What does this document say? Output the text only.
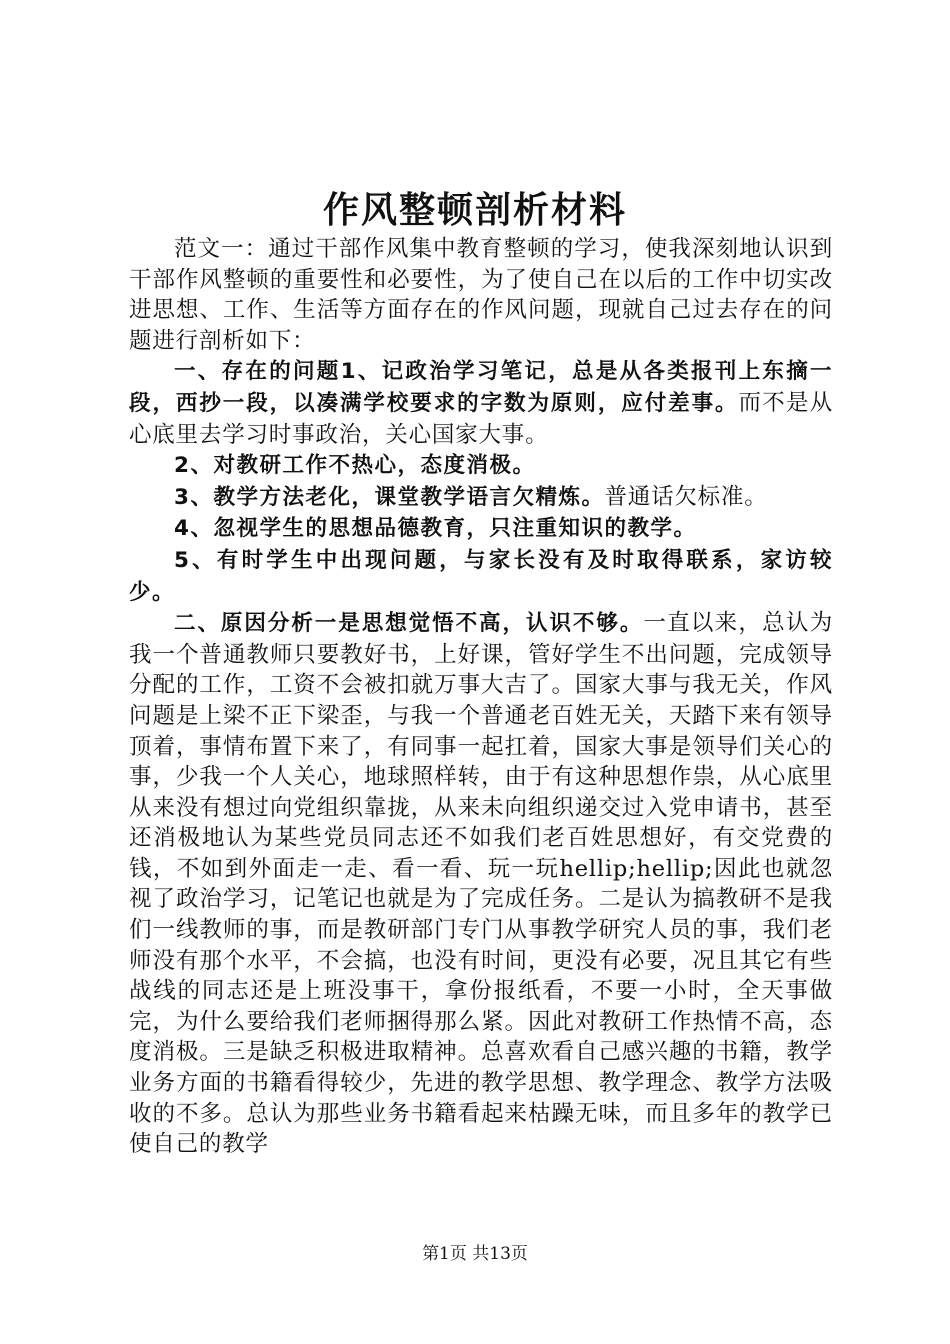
作风整顿剖析材料

范文一：通过干部作风集中教育整顿的学习，使我深刻地认识到干部作风整顿的重要性和必要性，为了使自己在以后的工作中切实改进思想、工作、生活等方面存在的作风问题，现就自己过去存在的问题进行剖析如下：

一、存在的问题1、记政治学习笔记，总是从各类报刊上东摘一段，西抄一段，以凑满学校要求的字数为原则，应付差事。而不是从心底里去学习时事政治，关心国家大事。

2、对教研工作不热心，态度消极。

3、教学方法老化，课堂教学语言欠精炼。普通话欠标准。

4、忽视学生的思想品德教育，只注重知识的教学。

5、有时学生中出现问题，与家长没有及时取得联系，家访较少。

二、原因分析一是思想觉悟不高，认识不够。一直以来，总认为我一个普通教师只要教好书，上好课，管好学生不出问题，完成领导分配的工作，工资不会被扣就万事大吉了。国家大事与我无关，作风问题是上梁不正下梁歪，与我一个普通老百姓无关，天踏下来有领导顶着，事情布置下来了，有同事一起扛着，国家大事是领导们关心的事，少我一个人关心，地球照样转，由于有这种思想作祟，从心底里从来没有想过向党组织靠拢，从来未向组织递交过入党申请书，甚至还消极地认为某些党员同志还不如我们老百姓思想好，有交党费的钱，不如到外面走一走、看一看、玩一玩hellip;hellip;因此也就忽视了政治学习，记笔记也就是为了完成任务。二是认为搞教研不是我们一线教师的事，而是教研部门专门从事教学研究人员的事，我们老师没有那个水平，不会搞，也没有时间，更没有必要，况且其它有些战线的同志还是上班没事干，拿份报纸看，不要一小时，全天事做完，为什么要给我们老师捆得那么紧。因此对教研工作热情不高，态度消极。三是缺乏积极进取精神。总喜欢看自己感兴趣的书籍，教学业务方面的书籍看得较少，先进的教学思想、教学理念、教学方法吸收的不多。总认为那些业务书籍看起来枯躁无味，而且多年的教学已使自己的教学

第1页 共13页
